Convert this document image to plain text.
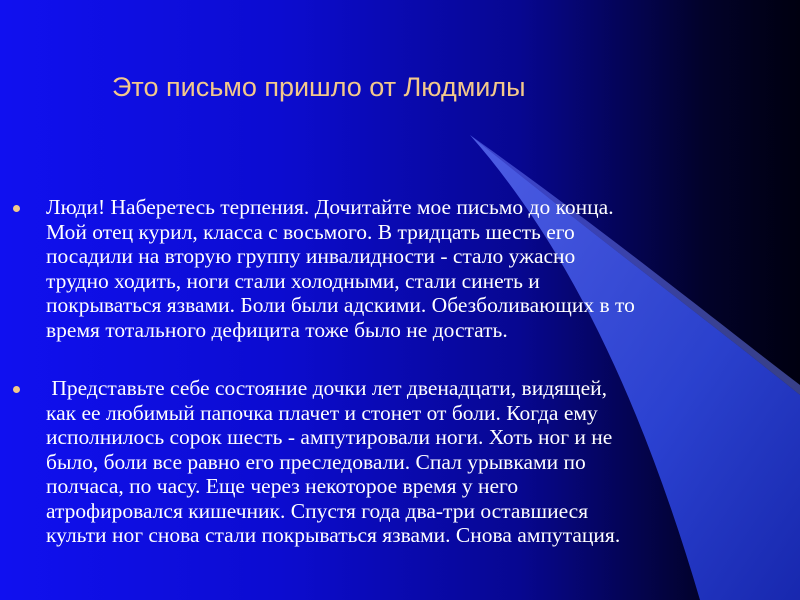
Это письмо пришло от Людмилы
Люди! Наберетесь терпения. Дочитайте мое письмо до конца.
Мой отец курил, класса с восьмого. В тридцать шесть его
посадили на вторую группу инвалидности - стало ужасно
трудно ходить, ноги стали холодными, стали синеть и
покрываться язвами. Боли были адскими. Обезболивающих в то
время тотального дефицита тоже было не достать.
Представьте себе состояние дочки лет двенадцати, видящей,
как ее любимый папочка плачет и стонет от боли. Когда ему
исполнилось сорок шесть - ампутировали ноги. Хоть ног и не
было, боли все равно его преследовали. Спал урывками по
полчаса, по часу. Еще через некоторое время у него
атрофировался кишечник. Спустя года два-три оставшиеся
культи ног снова стали покрываться язвами. Снова ампутация.
